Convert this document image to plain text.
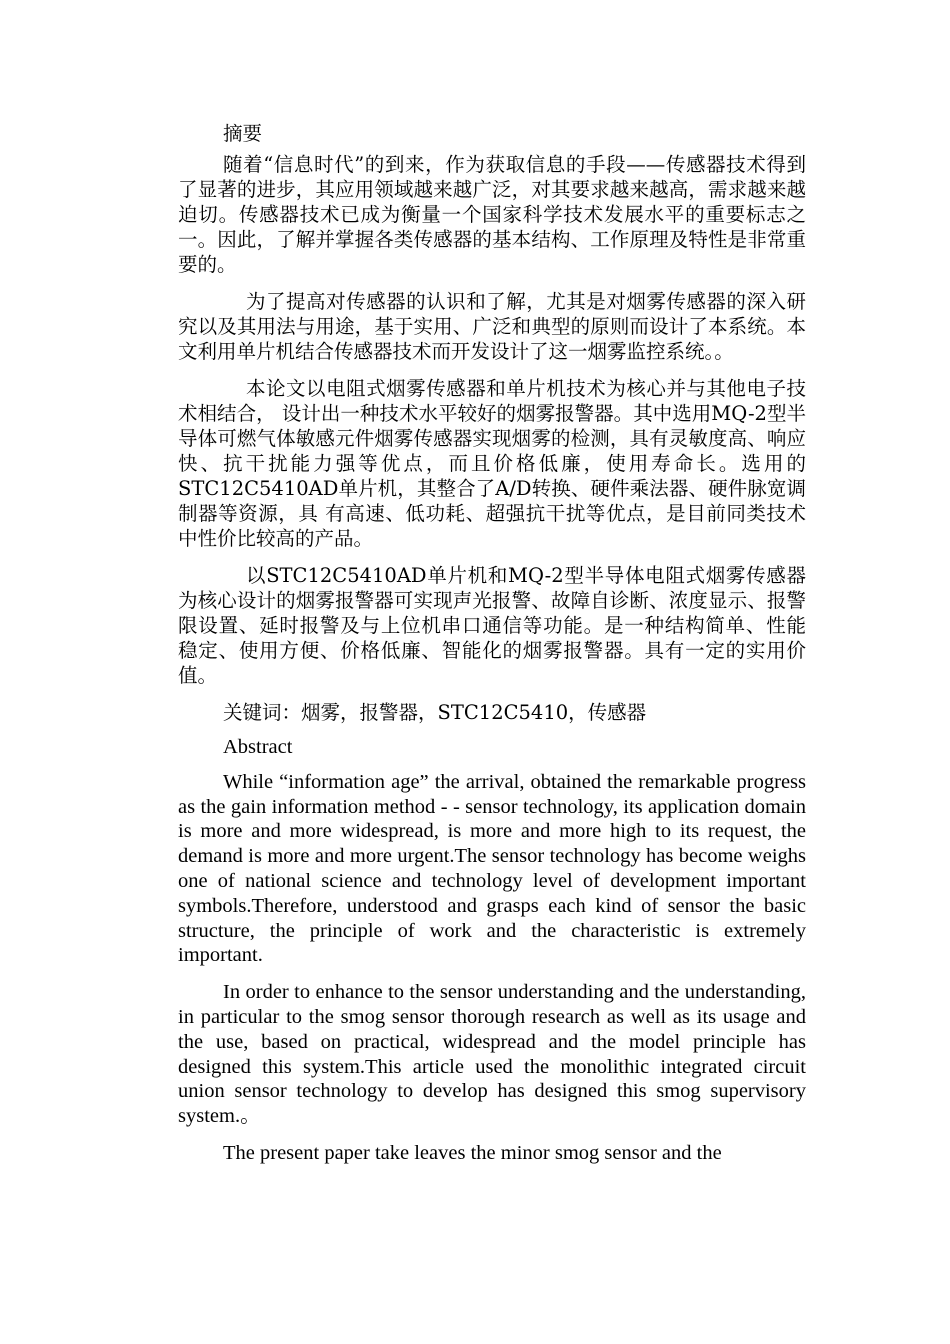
摘要

随着“信息时代”的到来，作为获取信息的手段——传感器技术得到了显著的进步，其应用领域越来越广泛，对其要求越来越高，需求越来越迫切。传感器技术已成为衡量一个国家科学技术发展水平的重要标志之一。因此，了解并掌握各类传感器的基本结构、工作原理及特性是非常重要的。

为了提高对传感器的认识和了解，尤其是对烟雾传感器的深入研究以及其用法与用途，基于实用、广泛和典型的原则而设计了本系统。本文利用单片机结合传感器技术而开发设计了这一烟雾监控系统。。

本论文以电阻式烟雾传感器和单片机技术为核心并与其他电子技术相结合， 设计出一种技术水平较好的烟雾报警器。其中选用MQ-2型半导体可燃气体敏感元件烟雾传感器实现烟雾的检测，具有灵敏度高、响应快、抗干扰能力强等优点，而且价格低廉，使用寿命长。选用的STC12C5410AD单片机，其整合了A/D转换、硬件乘法器、硬件脉宽调制器等资源，具 有高速、低功耗、超强抗干扰等优点，是目前同类技术中性价比较高的产品。

以STC12C5410AD单片机和MQ-2型半导体电阻式烟雾传感器为核心设计的烟雾报警器可实现声光报警、故障自诊断、浓度显示、报警限设置、延时报警及与上位机串口通信等功能。是一种结构简单、性能 稳定、使用方便、价格低廉、智能化的烟雾报警器。具有一定的实用价值。

关键词：烟雾，报警器，STC12C5410，传感器

Abstract

While “information age” the arrival, obtained the remarkable progress as the gain information method - - sensor technology, its application domain is more and more widespread, is more and more high to its request, the demand is more and more urgent.The sensor technology has become weighs one of national science and technology level of development important symbols.Therefore, understood and grasps each kind of sensor the basic structure, the principle of work and the characteristic is extremely important.

In order to enhance to the sensor understanding and the understanding, in particular to the smog sensor thorough research as well as its usage and the use, based on practical, widespread and the model principle has designed this system.This article used the monolithic integrated circuit union sensor technology to develop has designed this smog supervisory system.。

The present paper take leaves the minor smog sensor and the
